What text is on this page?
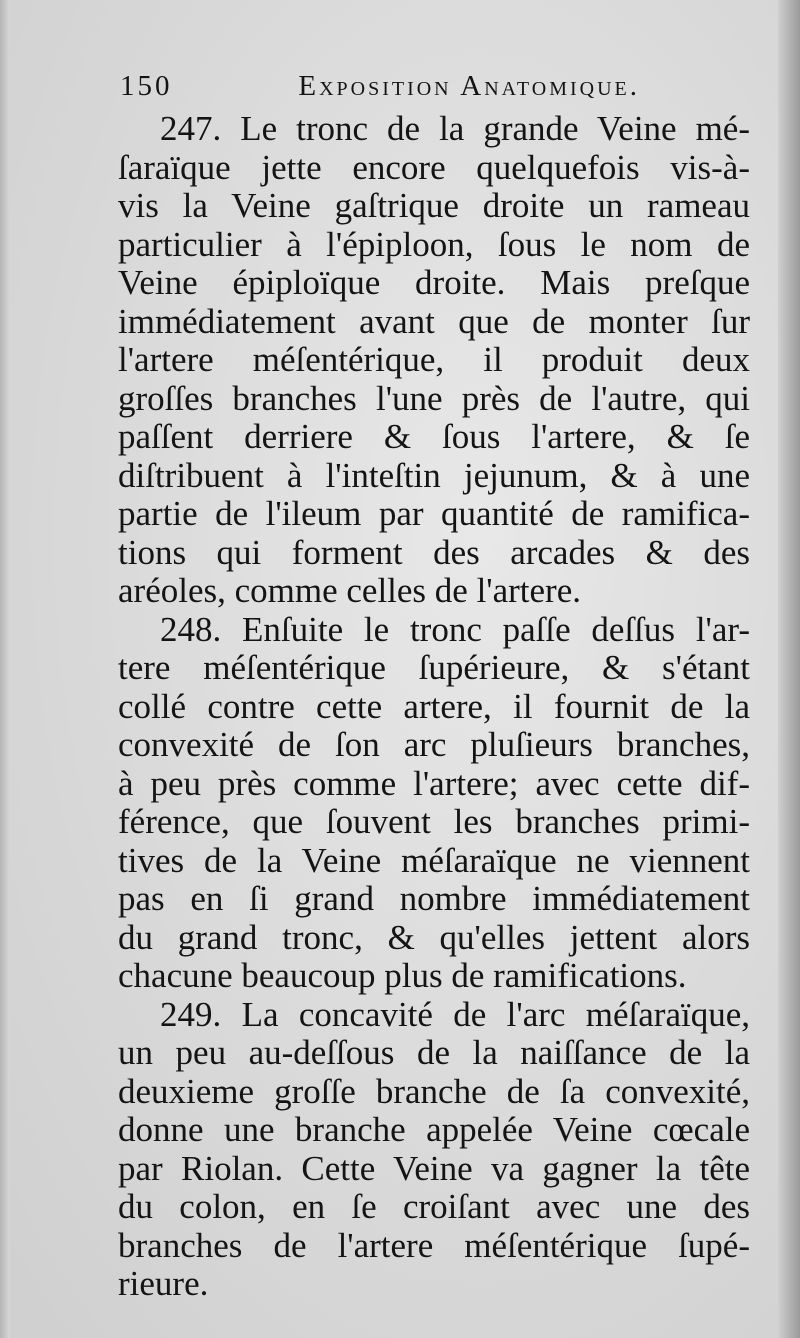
150	Exposition Anatomique.
247. Le tronc de la grande Veine mé-
ſaraïque jette encore quelquefois vis-à-
vis la Veine gaſtrique droite un rameau
particulier à l'épiploon, ſous le nom de
Veine épiploïque droite. Mais preſque
immédiatement avant que de monter ſur
l'artere méſentérique, il produit deux
groſſes branches l'une près de l'autre, qui
paſſent derriere & ſous l'artere, & ſe
diſtribuent à l'inteſtin jejunum, & à une
partie de l'ileum par quantité de ramifica-
tions qui forment des arcades & des
aréoles, comme celles de l'artere.
248. Enſuite le tronc paſſe deſſus l'ar-
tere méſentérique ſupérieure, & s'étant
collé contre cette artere, il fournit de la
convexité de ſon arc pluſieurs branches,
à peu près comme l'artere; avec cette dif-
férence, que ſouvent les branches primi-
tives de la Veine méſaraïque ne viennent
pas en ſi grand nombre immédiatement
du grand tronc, & qu'elles jettent alors
chacune beaucoup plus de ramifications.
249. La concavité de l'arc méſaraïque,
un peu au-deſſous de la naiſſance de la
deuxieme groſſe branche de ſa convexité,
donne une branche appelée Veine cœcale
par Riolan. Cette Veine va gagner la tête
du colon, en ſe croiſant avec une des
branches de l'artere méſentérique ſupé-
rieure.
